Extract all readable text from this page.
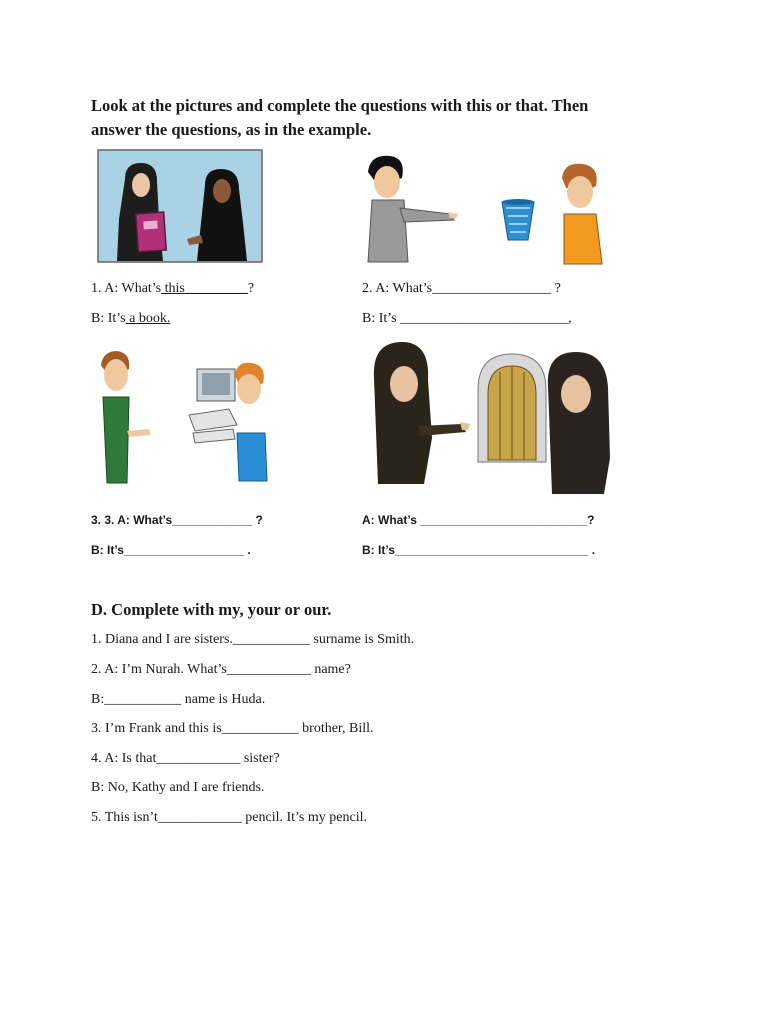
Look at the pictures and complete the questions with this or that. Then
answer the questions, as in the example.
1. A: What’s this_________?
B: It’s a book.
2. A: What’s_________________ ?
B: It’s ________________________,
3. 3. A: What’s____________ ?
B: It’s__________________ .
A: What’s _________________________?
B: It’s_____________________________ .
D. Complete with my, your or our.
1. Diana and I are sisters.___________ surname is Smith.
2. A: I’m Nurah. What’s____________ name?
B:___________ name is Huda.
3. I’m Frank and this is___________ brother, Bill.
4. A: Is that____________ sister?
B: No, Kathy and I are friends.
5. This isn’t____________ pencil. It’s my pencil.
